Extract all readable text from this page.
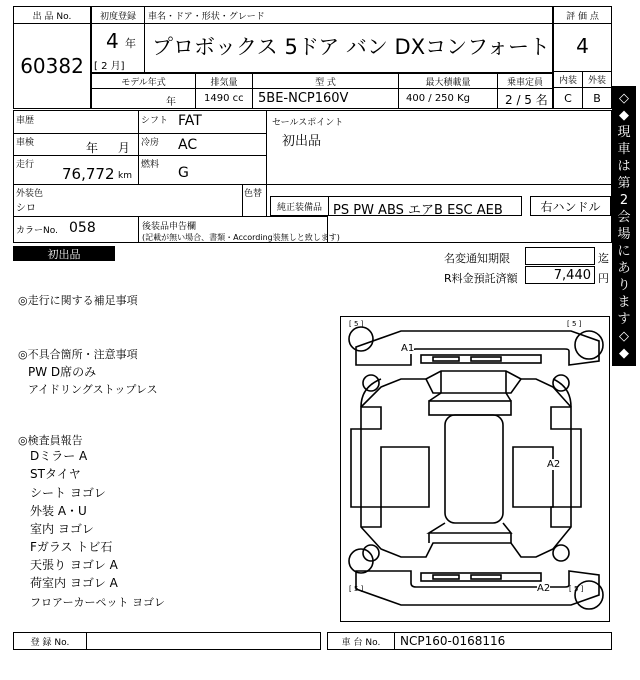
出 品 No.
60382
初度登録	車名・ドア・形状・グレード
4 年
[ 2 月]
プロボックス 5ドア バン DXコンフォート
評 価 点
4
内装	外装
C	B
モデル年式	排気量	型 式	最大積載量	乗車定員
年	1490 cc 5BE-NCP160V	400 / 250 Kg	2 / 5 名
車歴
車検	年 月
走行 76,772 km
シフト FAT
冷房 AC
燃料 G
セールスポイント
初出品
外装色
シロ
色替
純正装備品 PS PW ABS エアB ESC AEB	右ハンドル
カラーNo. 058	後装品申告欄
(記載が無い場合、書類・According装無しと致します)
初出品	名変通知期限	迄
R料金預託済額	7,440 円
◇◆ 現車は第2会場にあります ◇◆
◎走行に関する補足事項
◎不具合箇所・注意事項
PW D席のみ
アイドリングストップレス
◎検査員報告
Dミラー A
STタイヤ
シート ヨゴレ
外装 A・U
室内 ヨゴレ
Fガラス トビ石
天張り ヨゴレ A
荷室内 ヨゴレ A
フロアーカーペット ヨゴレ
[ 5 ]	[ 5 ]
[ 5 ]	[ 5 ]
A1
A2
A2
登 録 No.	車 台 No.	NCP160-0168116
